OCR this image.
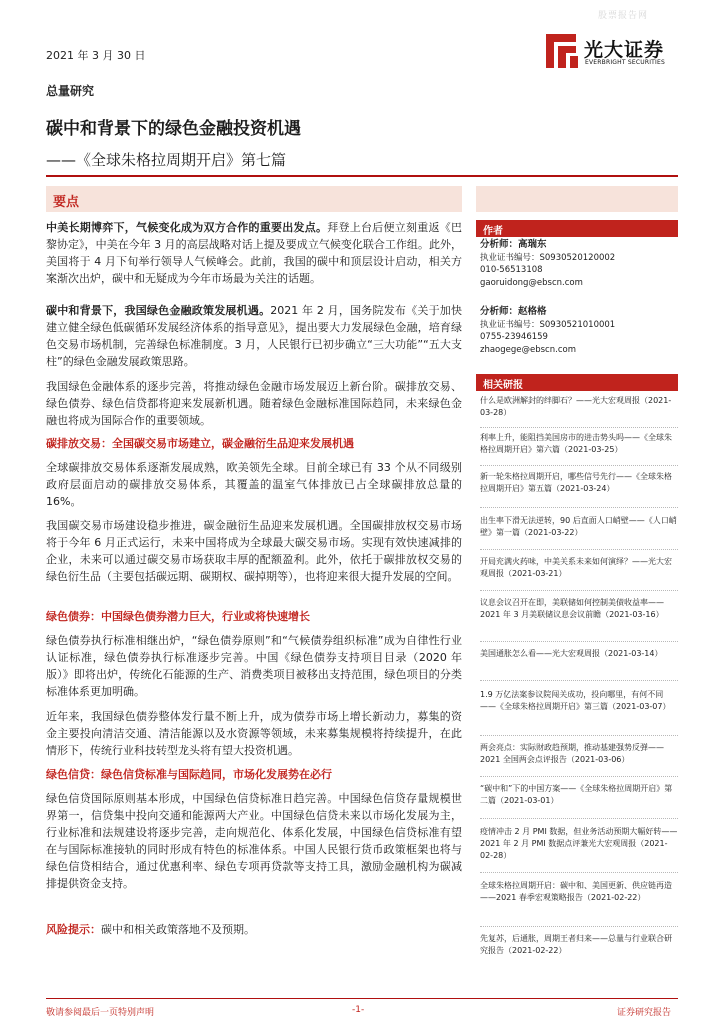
股票报告网
2021 年 3 月 30 日	光大证券
EVERBRIGHT SECURITIES
总量研究
碳中和背景下的绿色金融投资机遇
——《全球朱格拉周期开启》第七篇
要点

中美长期博弈下，气候变化成为双方合作的重要出发点。拜登上台后便立刻重返《巴黎协定》，中美在今年 3 月的高层战略对话上提及要成立气候变化联合工作组。此外，美国将于 4 月下旬举行领导人气候峰会。此前，我国的碳中和顶层设计启动，相关方案渐次出炉，碳中和无疑成为今年市场最为关注的话题。

碳中和背景下，我国绿色金融政策发展机遇。2021 年 2 月，国务院发布《关于加快建立健全绿色低碳循环发展经济体系的指导意见》，提出要大力发展绿色金融，培育绿色交易市场机制，完善绿色标准制度。3 月，人民银行已初步确立“三大功能”“五大支柱”的绿色金融发展政策思路。

我国绿色金融体系的逐步完善，将推动绿色金融市场发展迈上新台阶。碳排放交易、绿色债券、绿色信贷都将迎来发展新机遇。随着绿色金融标准国际趋同，未来绿色金融也将成为国际合作的重要领域。

碳排放交易：全国碳交易市场建立，碳金融衍生品迎来发展机遇

全球碳排放交易体系逐渐发展成熟，欧美领先全球。目前全球已有 33 个从不同级别政府层面启动的碳排放交易体系，其覆盖的温室气体排放已占全球碳排放总量的 16%。

我国碳交易市场建设稳步推进，碳金融衍生品迎来发展机遇。全国碳排放权交易市场将于今年 6 月正式运行，未来中国将成为全球最大碳交易市场。实现有效快速减排的企业，未来可以通过碳交易市场获取丰厚的配额盈利。此外，依托于碳排放权交易的绿色衍生品（主要包括碳远期、碳期权、碳掉期等），也将迎来很大提升发展的空间。

绿色债券：中国绿色债券潜力巨大，行业或将快速增长

绿色债券执行标准相继出炉，“绿色债券原则”和“气候债券组织标准”成为自律性行业认证标准，绿色债券执行标准逐步完善。中国《绿色债券支持项目目录（2020 年版）》即将出炉，传统化石能源的生产、消费类项目被移出支持范围，绿色项目的分类标准体系更加明确。

近年来，我国绿色债券整体发行量不断上升，成为债券市场上增长新动力，募集的资金主要投向清洁交通、清洁能源以及水资源等领域，未来募集规模将持续提升，在此情形下，传统行业科技转型龙头将有望大投资机遇。

绿色信贷：绿色信贷标准与国际趋同，市场化发展势在必行

绿色信贷国际原则基本形成，中国绿色信贷标准日趋完善。中国绿色信贷存量规模世界第一，信贷集中投向交通和能源两大产业。中国绿色信贷未来以市场化发展为主，行业标准和法规建设将逐步完善，走向规范化、体系化发展，中国绿色信贷标准有望在与国际标准接轨的同时形成有特色的标准体系。中国人民银行货币政策框架也将与绿色信贷相结合，通过优惠利率、绿色专项再贷款等支持工具，激励金融机构为碳减排提供资金支持。

风险提示：碳中和相关政策落地不及预期。

作者
分析师：高瑞东
执业证书编号：S0930520120002
010-56513108
gaoruidong@ebscn.com
分析师：赵格格
执业证书编号：S0930521010001
0755-23946159
zhaogege@ebscn.com
相关研报
什么是欧洲解封的绊脚石？——光大宏观周报（2021-03-28）
利率上升，能阻挡美国房市的进击势头吗——《全球朱格拉周期开启》第六篇（2021-03-25）
新一轮朱格拉周期开启，哪些信号先行——《全球朱格拉周期开启》第五篇（2021-03-24）
出生率下滑无法逆转，90 后直面人口峭壁——《人口峭壁》第一篇（2021-03-22）
开局充满火药味，中美关系未来如何演绎？——光大宏观周报（2021-03-21）
议息会议召开在即，美联储如何控制美债收益率——2021 年 3 月美联储议息会议前瞻（2021-03-16）
美国通胀怎么看——光大宏观周报（2021-03-14）
1.9 万亿法案参议院闯关成功，投向哪里，有何不同——《全球朱格拉周期开启》第三篇（2021-03-07）
两会亮点：实际财政趋预期，推动基建强势反弹——2021 全国两会点评报告（2021-03-06）
“碳中和”下的中国方案——《全球朱格拉周期开启》第二篇（2021-03-01）
疫情冲击 2 月 PMI 数据，但业务活动预期大幅好转——2021 年 2 月 PMI 数据点评兼光大宏观周报（2021-02-28）
全球朱格拉周期开启：碳中和、美国更新、供应链再造——2021 春季宏观策略报告（2021-02-22）
先复苏，后通胀，周期王者归来——总量与行业联合研究报告（2021-02-22）
敬请参阅最后一页特别声明	-1-	证券研究报告
